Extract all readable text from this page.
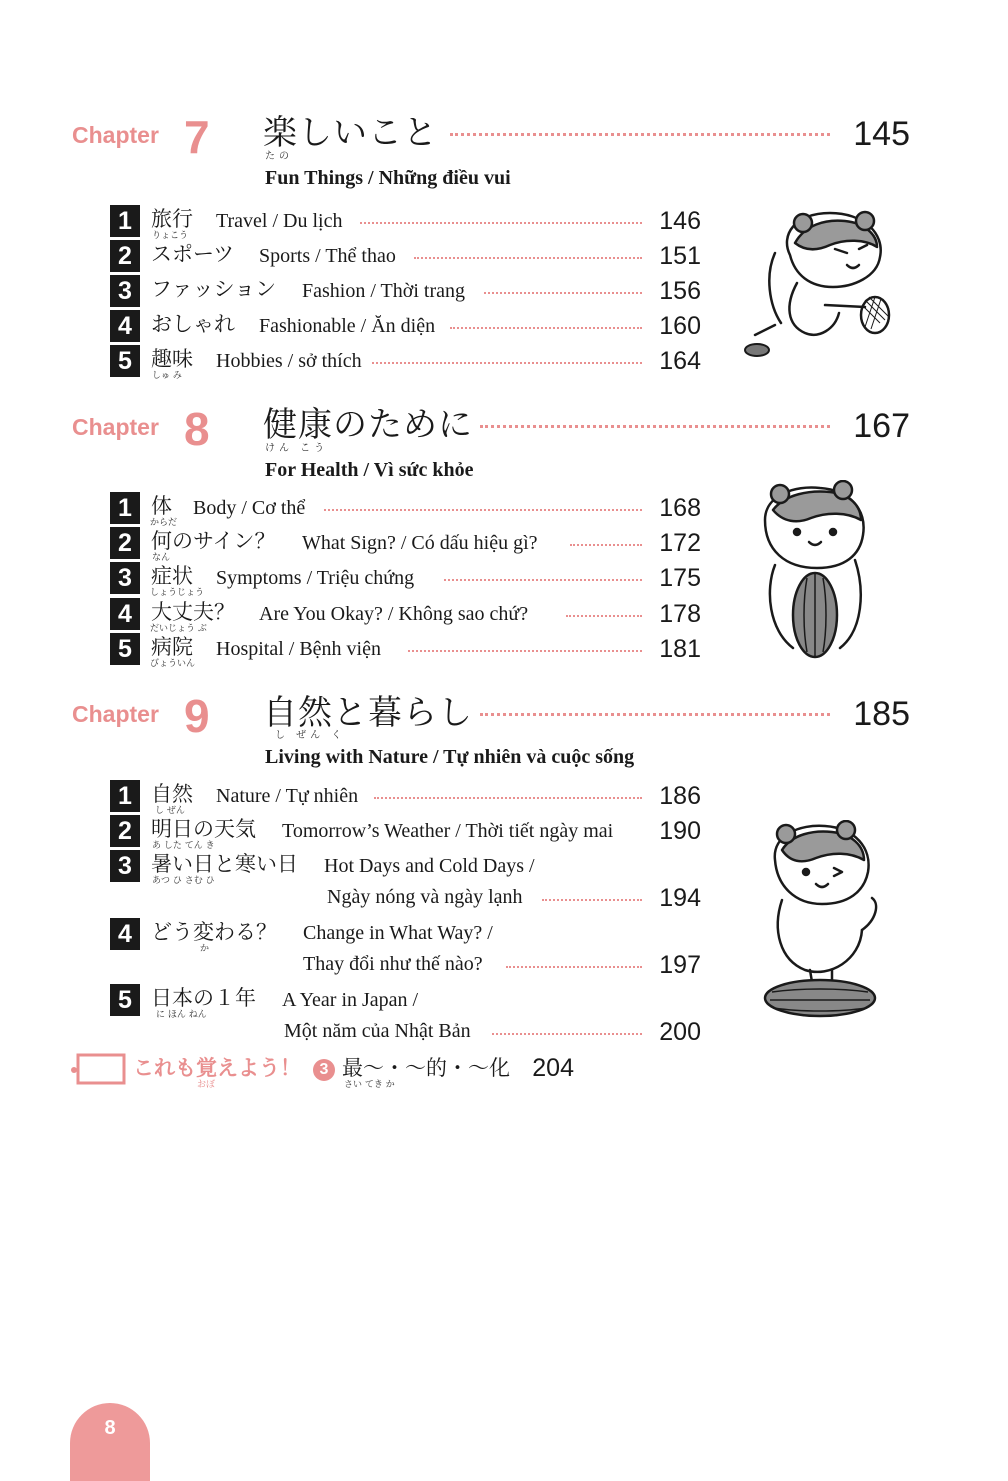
Chapter 7 楽しいこと
たの
145
Fun Things / Những điều vui
1 旅行
りょこう
Travel / Du lịch	146
2 スポーツ Sports / Thể thao	151
3 ファッション Fashion / Thời trang	156
4 おしゃれ Fashionable / Ăn diện	160
5 趣味
しゅ み
Hobbies / sở thích	164
Chapter 8 健康のために
けん こう
167
For Health / Vì sức khỏe
1 体
からだ
Body / Cơ thể	168
2 何のサイン？
なん
What Sign? / Có dấu hiệu gì?	172
3 症状
しょうじょう
Symptoms / Triệu chứng	175
4 大丈夫？
だいじょう ぶ
Are You Okay? / Không sao chứ?	178
5 病院
びょういん
Hospital / Bệnh viện	181
Chapter 9 自然と暮らし
し ぜん く
185
Living with Nature / Tự nhiên và cuộc sống
1 自然
し ぜん
Nature / Tự nhiên	186
2 明日の天気
あ した てん き
Tomorrow’s Weather / Thời tiết ngày mai	190
3 暑い日と寒い日
あつ ひ さむ ひ
Hot Days and Cold Days /
Ngày nóng và ngày lạnh	194
4 どう変わる？
か
Change in What Way? /
Thay đổi như thế nào?	197
5 日本の１年
に ほん ねん
A Year in Japan /
Một năm của Nhật Bản	200
これも覚えよう！
おぼ
3 最〜・〜的・〜化
さい てき か
204
8
